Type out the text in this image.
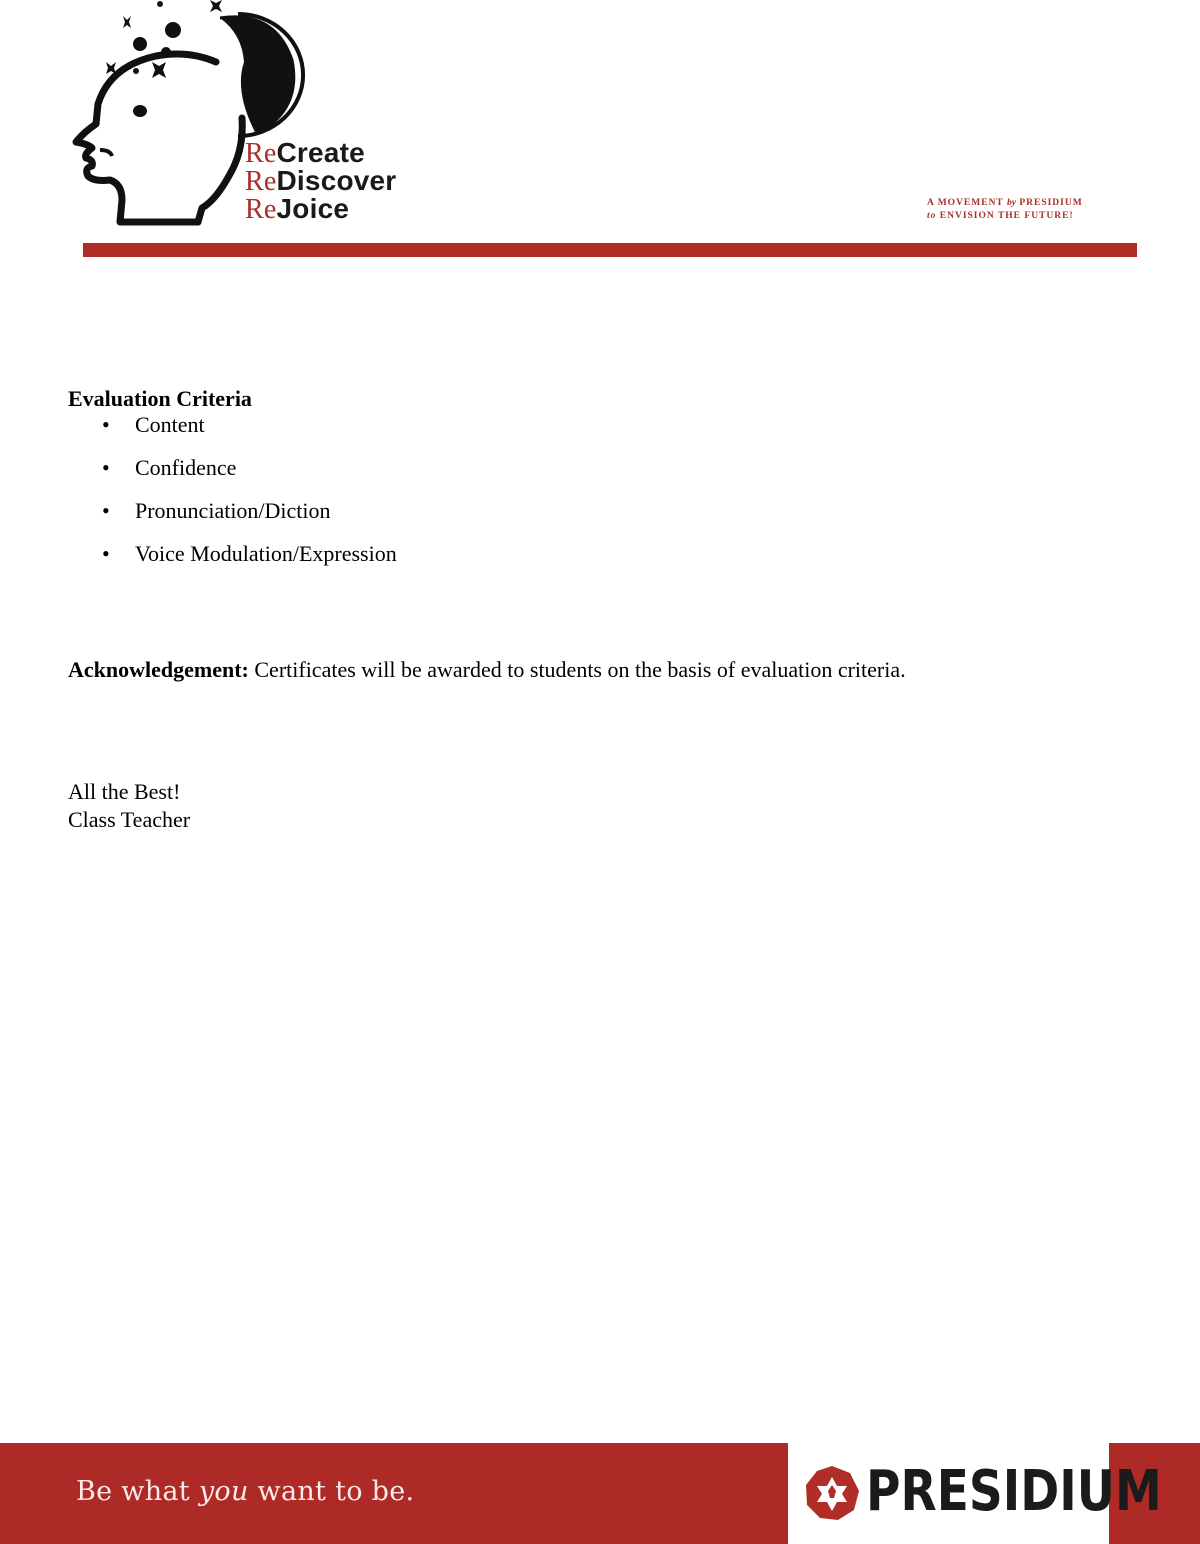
ReCreate
ReDiscover
ReJoice	A MOVEMENT by PRESIDIUM
to ENVISION THE FUTURE!

Evaluation Criteria

• Content
• Confidence
• Pronunciation/Diction
• Voice Modulation/Expression
Acknowledgement: Certificates will be awarded to students on the basis of evaluation criteria.
All the Best!
Class Teacher
Be what you want to be.	PRESIDIUM
